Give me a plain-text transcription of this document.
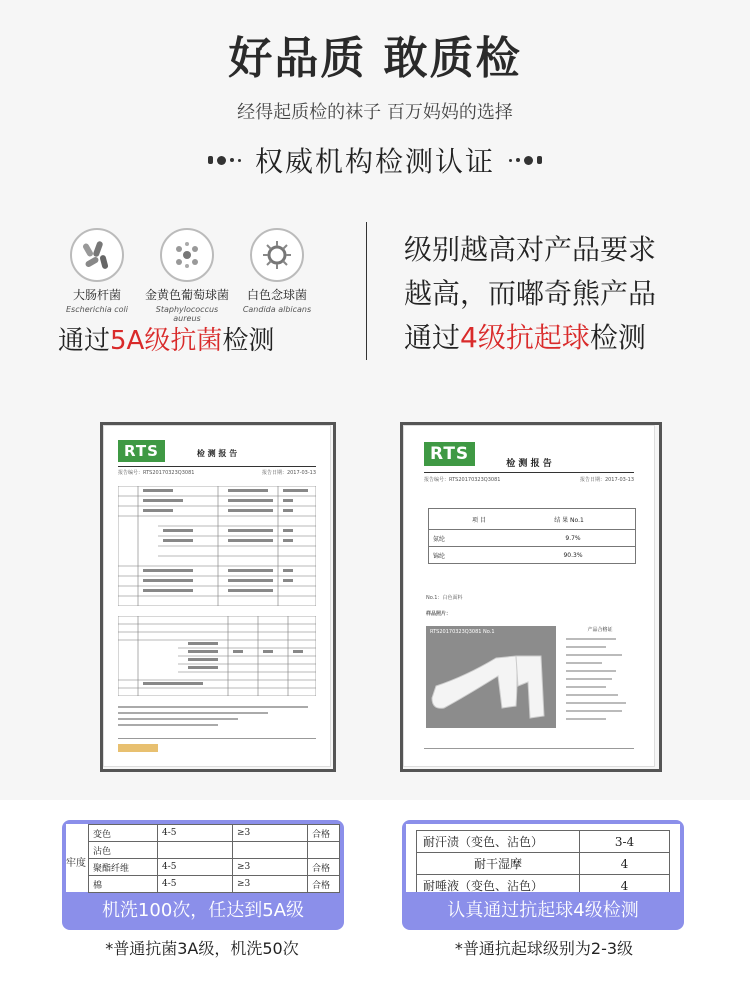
好品质 敢质检
经得起质检的袜子 百万妈妈的选择
权威机构检测认证
大肠杆菌
Escherichia coli
金黄色葡萄球菌
Staphylococcus aureus
白色念球菌
Candida albicans
通过5A级抗菌检测
级别越高对产品要求
越高，而嘟奇熊产品
通过4级抗起球检测
RTS	检 测 报 告
报告编号：RTS20170323Q3081	报告日期：2017-03-13
RTS	检 测 报 告
报告编号：RTS20170323Q3081	报告日期：2017-03-13
项 目	结 果 No.1
氨纶	9.7%
锦纶	90.3%
No.1：白色面料
样品照片：
RTS20170323Q3081 No.1	产品合格证
牢度
变色	4-5	≥3	合格
沾色			
聚酯纤维	4-5	≥3	合格
棉	4-5	≥3	合格
机洗100次，任达到5A级
*普通抗菌3A级，机洗50次
耐汗渍（变色、沾色）	3-4
耐干湿摩	4
耐唾液（变色、沾色）	4
认真通过抗起球4级检测
*普通抗起球级别为2-3级
